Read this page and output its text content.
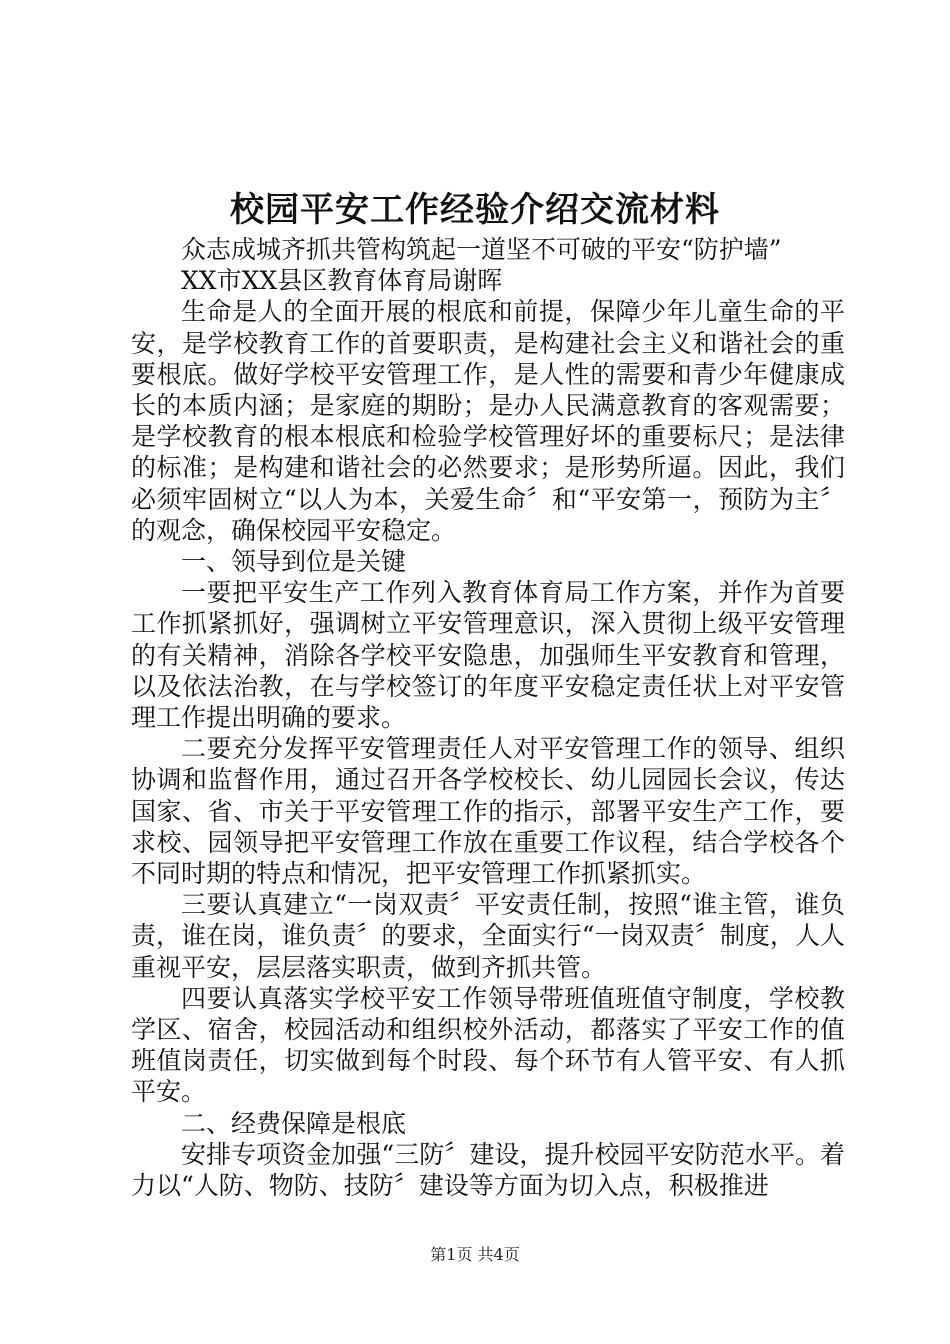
校园平安工作经验介绍交流材料

众志成城齐抓共管构筑起一道坚不可破的平安“防护墙”

XX市XX县区教育体育局谢晖

生命是人的全面开展的根底和前提，保障少年儿童生命的平安，是学校教育工作的首要职责，是构建社会主义和谐社会的重要根底。做好学校平安管理工作，是人性的需要和青少年健康成长的本质内涵；是家庭的期盼；是办人民满意教育的客观需要；是学校教育的根本根底和检验学校管理好坏的重要标尺；是法律的标准；是构建和谐社会的必然要求；是形势所逼。因此，我们必须牢固树立“以人为本，关爱生命〞和“平安第一，预防为主〞的观念，确保校园平安稳定。

一、领导到位是关键

一要把平安生产工作列入教育体育局工作方案，并作为首要工作抓紧抓好，强调树立平安管理意识，深入贯彻上级平安管理的有关精神，消除各学校平安隐患，加强师生平安教育和管理，以及依法治教，在与学校签订的年度平安稳定责任状上对平安管理工作提出明确的要求。

二要充分发挥平安管理责任人对平安管理工作的领导、组织协调和监督作用，通过召开各学校校长、幼儿园园长会议，传达国家、省、市关于平安管理工作的指示，部署平安生产工作，要求校、园领导把平安管理工作放在重要工作议程，结合学校各个不同时期的特点和情况，把平安管理工作抓紧抓实。

三要认真建立“一岗双责〞平安责任制，按照“谁主管，谁负责，谁在岗，谁负责〞的要求，全面实行“一岗双责〞制度，人人重视平安，层层落实职责，做到齐抓共管。

四要认真落实学校平安工作领导带班值班值守制度，学校教学区、宿舍，校园活动和组织校外活动，都落实了平安工作的值班值岗责任，切实做到每个时段、每个环节有人管平安、有人抓平安。

二、经费保障是根底

安排专项资金加强“三防〞建设，提升校园平安防范水平。着力以“人防、物防、技防〞建设等方面为切入点，积极推进

第1页 共4页
